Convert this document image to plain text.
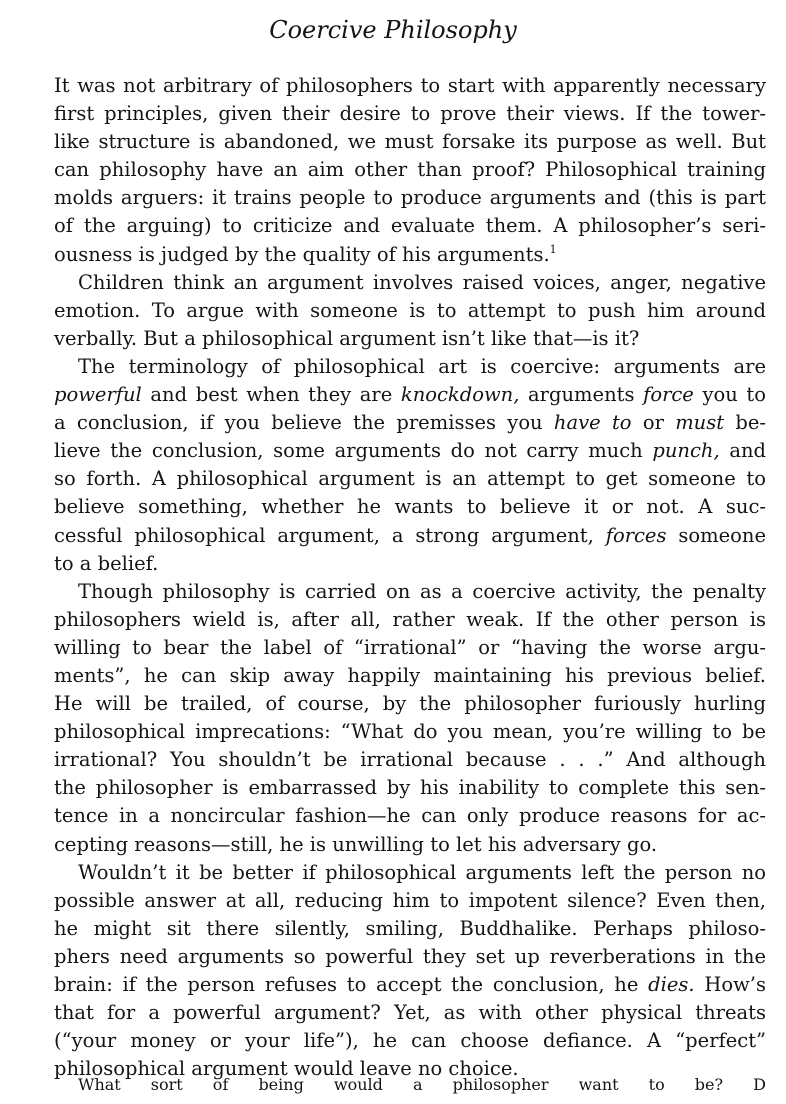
Coercive Philosophy
It was not arbitrary of philosophers to start with apparently necessary
first principles, given their desire to prove their views. If the tower-
like structure is abandoned, we must forsake its purpose as well. But
can philosophy have an aim other than proof? Philosophical training
molds arguers: it trains people to produce arguments and (this is part
of the arguing) to criticize and evaluate them. A philosopher’s seri-
ousness is judged by the quality of his arguments.$^1$
Children think an argument involves raised voices, anger, negative
emotion. To argue with someone is to attempt to push him around
verbally. But a philosophical argument isn’t like that—is it?
The terminology of philosophical art is coercive: arguments are
powerful and best when they are knockdown, arguments force you to
a conclusion, if you believe the premisses you have to or must be-
lieve the conclusion, some arguments do not carry much punch, and
so forth. A philosophical argument is an attempt to get someone to
believe something, whether he wants to believe it or not. A suc-
cessful philosophical argument, a strong argument, forces someone
to a belief.
Though philosophy is carried on as a coercive activity, the penalty
philosophers wield is, after all, rather weak. If the other person is
willing to bear the label of “irrational” or “having the worse argu-
ments”, he can skip away happily maintaining his previous belief.
He will be trailed, of course, by the philosopher furiously hurling
philosophical imprecations: “What do you mean, you’re willing to be
irrational? You shouldn’t be irrational because . . .” And although
the philosopher is embarrassed by his inability to complete this sen-
tence in a noncircular fashion—he can only produce reasons for ac-
cepting reasons—still, he is unwilling to let his adversary go.
Wouldn’t it be better if philosophical arguments left the person no
possible answer at all, reducing him to impotent silence? Even then,
he might sit there silently, smiling, Buddhalike. Perhaps philoso-
phers need arguments so powerful they set up reverberations in the
brain: if the person refuses to accept the conclusion, he dies. How’s
that for a powerful argument? Yet, as with other physical threats
(“your money or your life”), he can choose defiance. A “perfect”
philosophical argument would leave no choice.
What sort of being would a philosopher want to be? D
